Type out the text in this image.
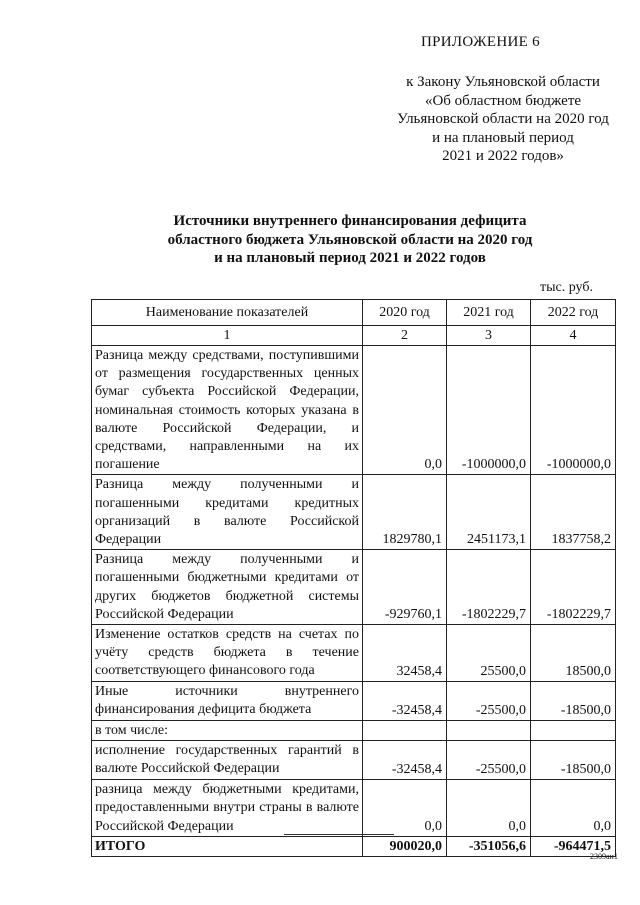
ПРИЛОЖЕНИЕ 6
к Закону Ульяновской области
«Об областном бюджете
Ульяновской области на 2020 год
и на плановый период
2021 и 2022 годов»
Источники внутреннего финансирования дефицита
областного бюджета Ульяновской области на 2020 год
и на плановый период 2021 и 2022 годов
тыс. руб.
Наименование показателей	2020 год	2021 год	2022 год
1	2	3	4
Разница между средствами, поступившими от размещения государственных ценных бумаг субъекта Российской Федерации, номинальная стоимость которых указана в валюте Российской Федерации, и средствами, направленными на их погашение	0,0	-1000000,0	-1000000,0
Разница между полученными и погашенными кредитами кредитных организаций в валюте Российской Федерации	1829780,1	2451173,1	1837758,2
Разница между полученными и погашенными бюджетными кредитами от других бюджетов бюджетной системы Российской Федерации	-929760,1	-1802229,7	-1802229,7
Изменение остатков средств на счетах по учёту средств бюджета в течение соответствующего финансового года	32458,4	25500,0	18500,0
Иные источники внутреннего финансирования дефицита бюджета	-32458,4	-25500,0	-18500,0
в том числе:			
исполнение государственных гарантий в валюте Российской Федерации	-32458,4	-25500,0	-18500,0
разница между бюджетными кредитами, предоставленными внутри страны в валюте Российской Федерации	0,0	0,0	0,0
ИТОГО	900020,0	-351056,6	-964471,5
2309ан1
